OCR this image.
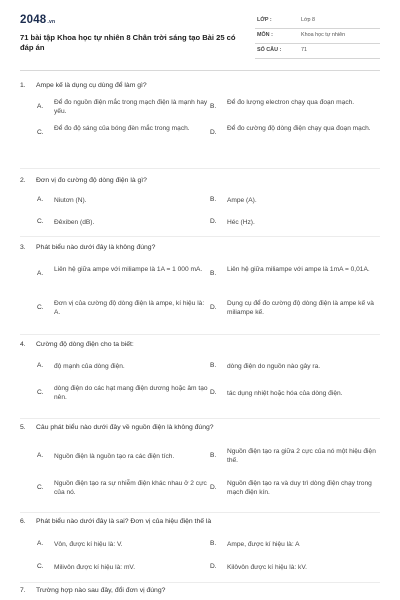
2048.vn
71 bài tập Khoa học tự nhiên 8 Chân trời sáng tạo Bài 25 có đáp án
LỚP :	Lớp 8
MÔN :	Khoa học tự nhiên
SỐ CÂU :	71
1. Ampe kế là dụng cụ dùng để làm gì?
A.
Để đo nguồn điện mắc trong mạch điện là mạnh hay yếu.
B.
Để đo lượng electron chạy qua đoạn mạch.
C.
Để đo độ sáng của bóng đèn mắc trong mạch.
D.
Để đo cường độ dòng điện chạy qua đoạn mạch.
2. Đơn vị đo cường độ dòng điện là gì?
A. Niutơn (N).	B. Ampe (A).
C. Đêxiben (dB).	D. Héc (Hz).
3. Phát biểu nào dưới đây là không đúng?
A.
Liên hệ giữa ampe với miliampe là 1A = 1 000 mA.
B.
Liên hệ giữa miliampe với ampe là 1mA = 0,01A.
C.
Đơn vị của cường độ dòng điện là ampe, kí hiệu là: A.
D.
Dụng cụ để đo cường độ dòng điện là ampe kế và miliampe kế.
4. Cường độ dòng điện cho ta biết:
A. độ mạnh của dòng điện.	B. dòng điện do nguồn nào gây ra.
C.
dòng điện do các hạt mang điện dương hoặc âm tạo nên.
D. tác dụng nhiệt hoặc hóa của dòng điện.
5. Câu phát biểu nào dưới đây về nguồn điện là không đúng?
A. Nguồn điện là nguồn tạo ra các điện tích.	B.
Nguồn điện tạo ra giữa 2 cực của nó một hiệu điện thế.
C.
Nguồn điện tạo ra sự nhiễm điện khác nhau ở 2 cực của nó.
D.
Nguồn điện tạo ra và duy trì dòng điện chạy trong mạch điện kín.
6. Phát biểu nào dưới đây là sai? Đơn vị của hiệu điện thế là
A. Vôn, được kí hiệu là: V.	B. Ampe, được kí hiệu là: A
C. Milivôn được kí hiệu là: mV.	D. Kilôvôn được kí hiệu là: kV.
7. Trường hợp nào sau đây, đổi đơn vị đúng?
